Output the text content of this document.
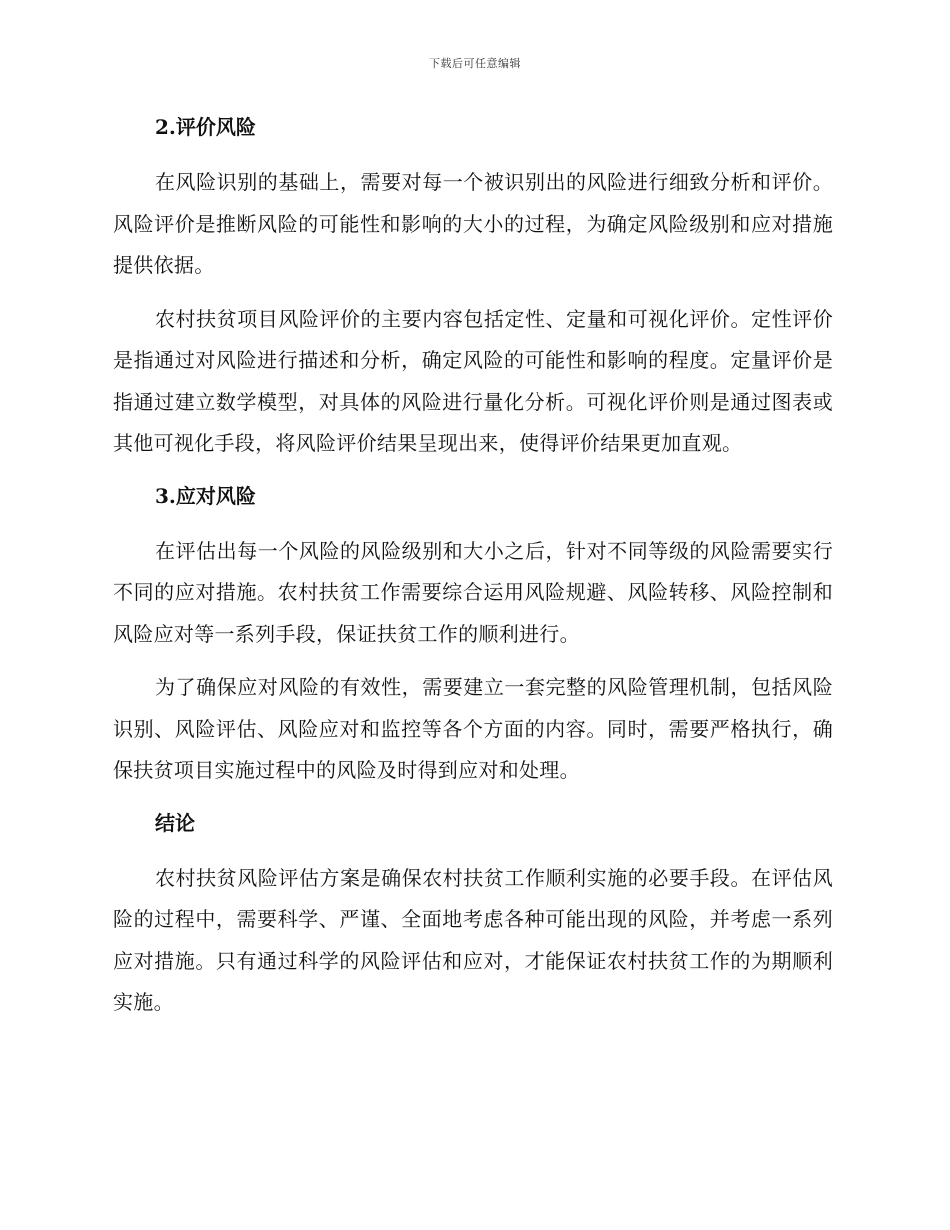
下载后可任意编辑
2.评价风险

在风险识别的基础上，需要对每一个被识别出的风险进行细致分析和评价。风险评价是推断风险的可能性和影响的大小的过程，为确定风险级别和应对措施提供依据。

农村扶贫项目风险评价的主要内容包括定性、定量和可视化评价。定性评价是指通过对风险进行描述和分析，确定风险的可能性和影响的程度。定量评价是指通过建立数学模型，对具体的风险进行量化分析。可视化评价则是通过图表或其他可视化手段，将风险评价结果呈现出来，使得评价结果更加直观。

3.应对风险

在评估出每一个风险的风险级别和大小之后，针对不同等级的风险需要实行不同的应对措施。农村扶贫工作需要综合运用风险规避、风险转移、风险控制和风险应对等一系列手段，保证扶贫工作的顺利进行。

为了确保应对风险的有效性，需要建立一套完整的风险管理机制，包括风险识别、风险评估、风险应对和监控等各个方面的内容。同时，需要严格执行，确保扶贫项目实施过程中的风险及时得到应对和处理。

结论

农村扶贫风险评估方案是确保农村扶贫工作顺利实施的必要手段。在评估风险的过程中，需要科学、严谨、全面地考虑各种可能出现的风险，并考虑一系列应对措施。只有通过科学的风险评估和应对，才能保证农村扶贫工作的为期顺利实施。
